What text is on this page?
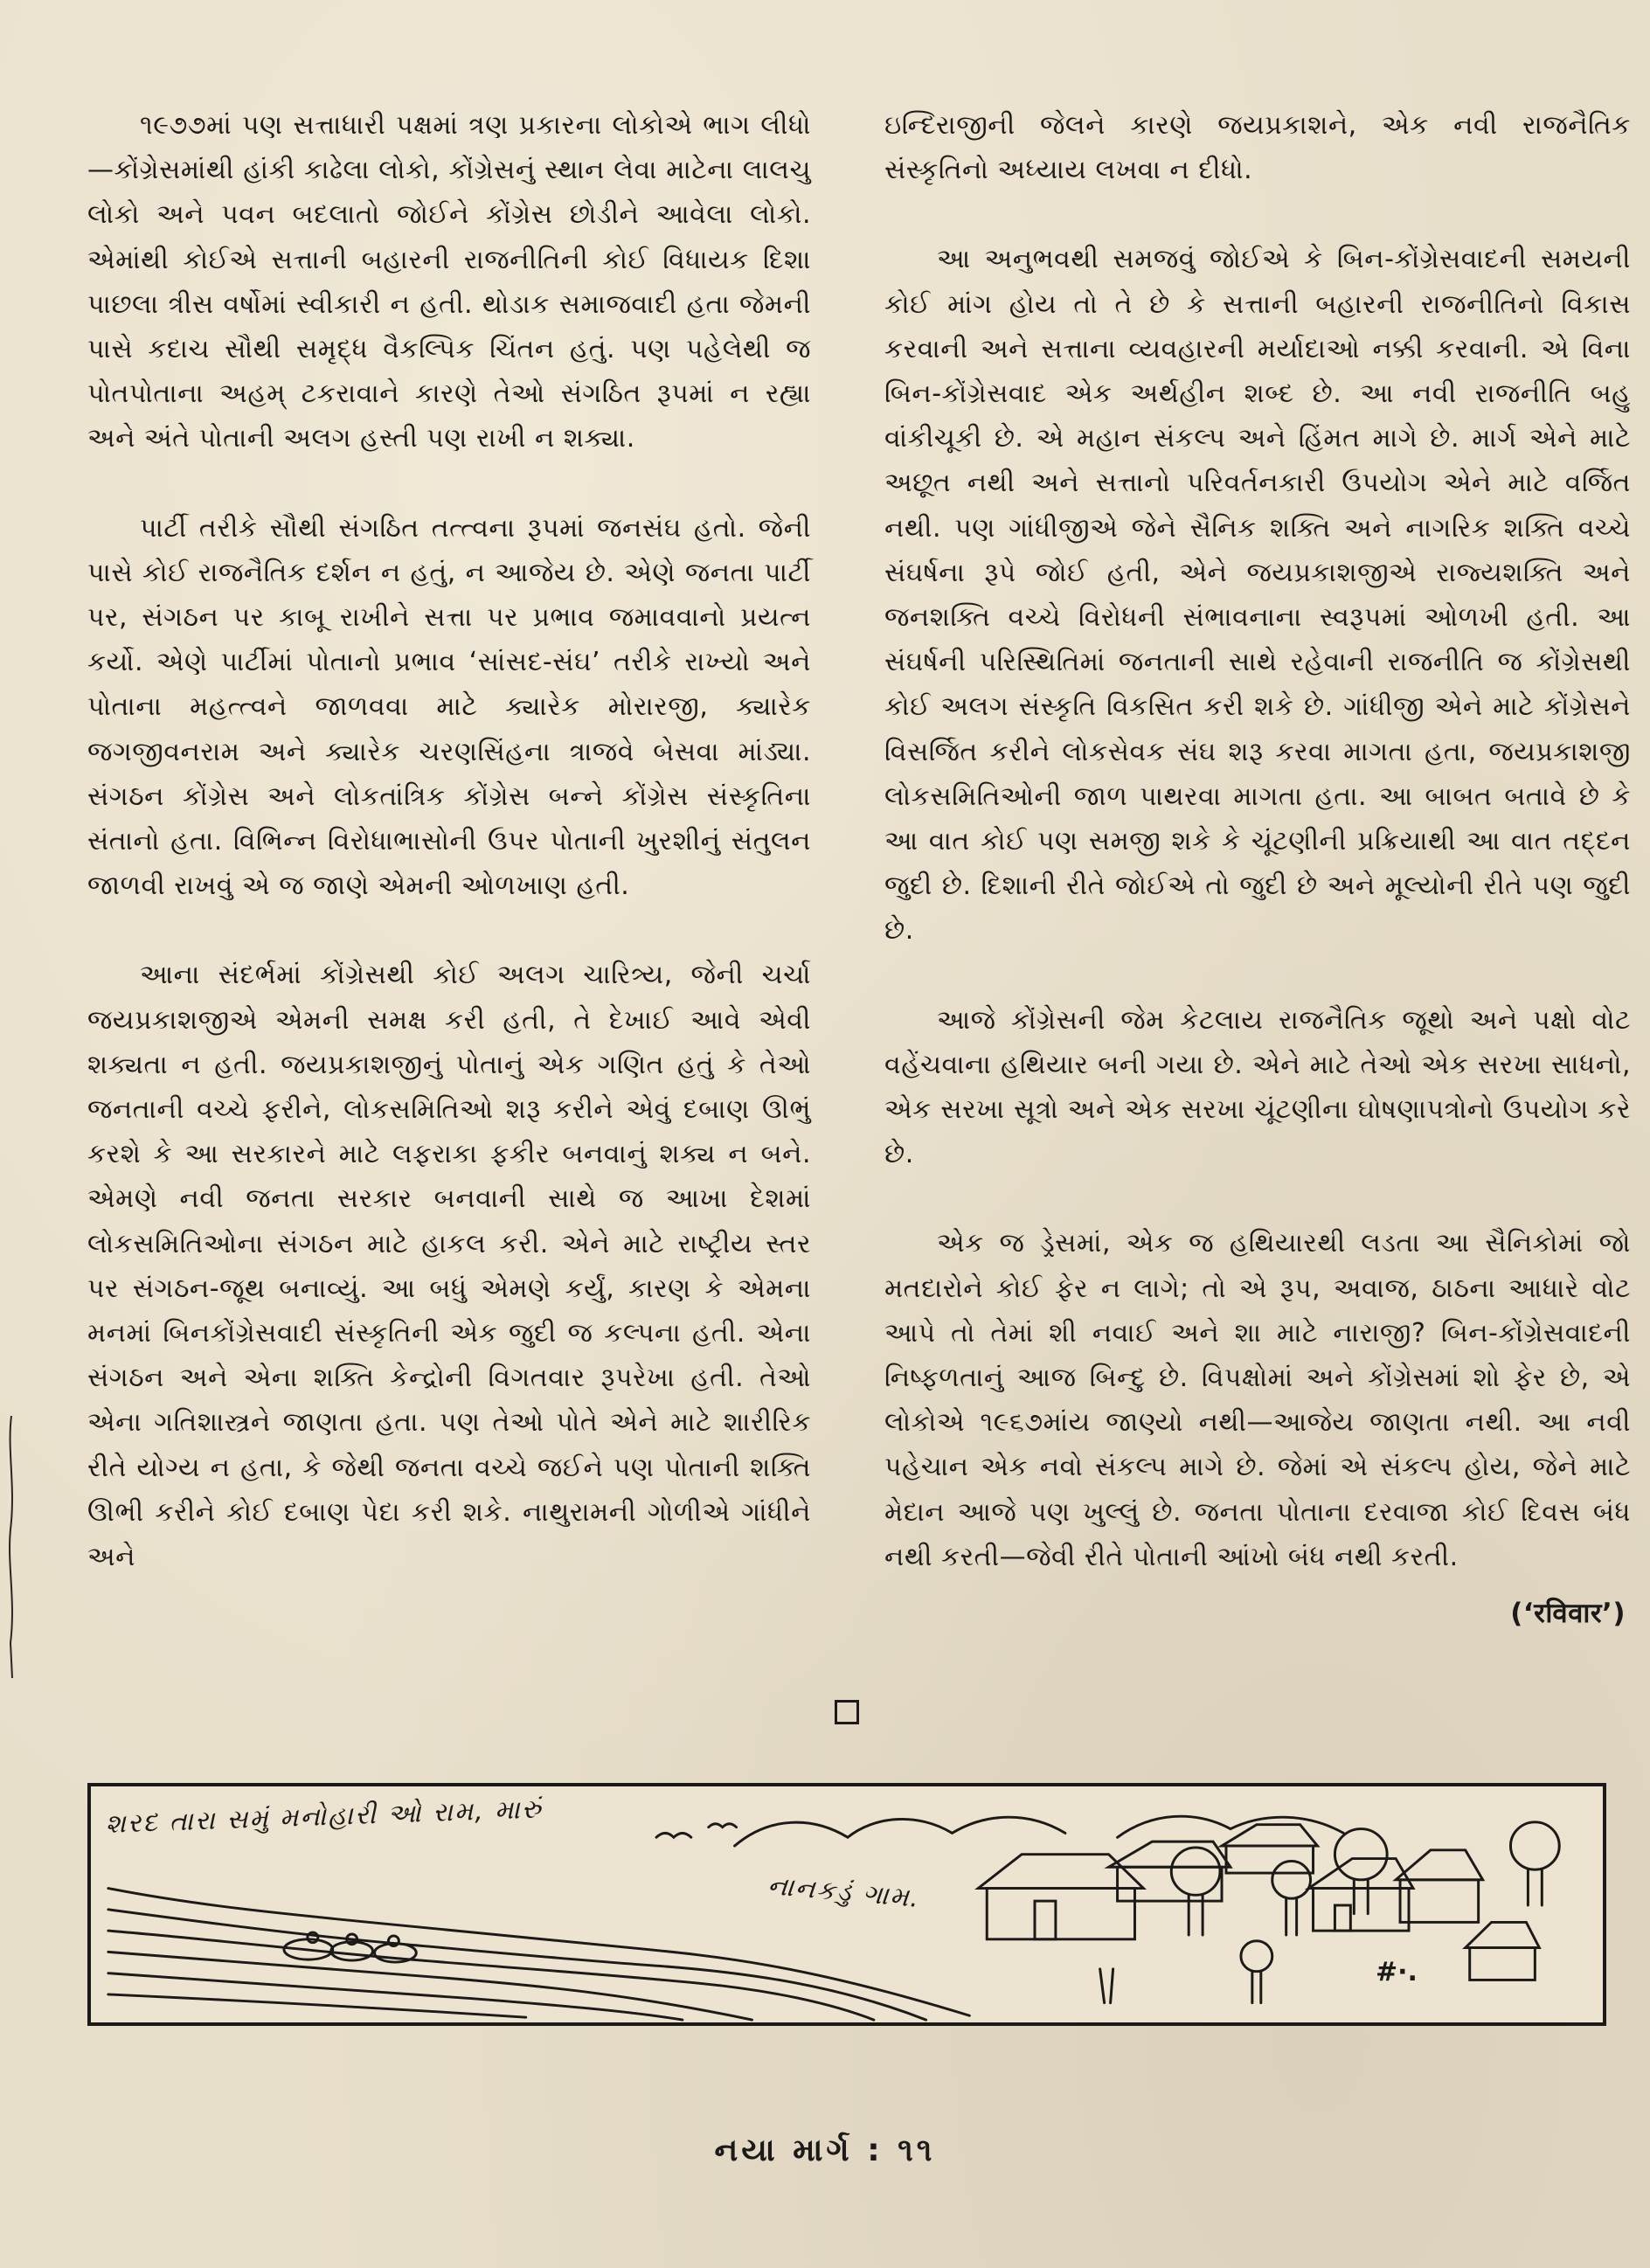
૧૯૭૭માં પણ સત્તાધારી પક્ષમાં ત્રણ પ્રકારના લોકોએ ભાગ લીધો—કોંગ્રેસમાંથી હાંકી કાઢેલા લોકો, કોંગ્રેસનું સ્થાન લેવા માટેના લાલચુ લોકો અને પવન બદલાતો જોઈને કોંગ્રેસ છોડીને આવેલા લોકો. એમાંથી કોઈએ સત્તાની બહારની રાજનીતિની કોઈ વિધાયક દિશા પાછલા ત્રીસ વર્ષોમાં સ્વીકારી ન હતી. થોડાક સમાજવાદી હતા જેમની પાસે કદાચ સૌથી સમૃદ્ધ વૈકલ્પિક ચિંતન હતું. પણ પહેલેથી જ પોતપોતાના અહમ્ ટકરાવાને કારણે તેઓ સંગઠિત રૂપમાં ન રહ્યા અને અંતે પોતાની અલગ હસ્તી પણ રાખી ન શક્યા.

પાર્ટી તરીકે સૌથી સંગઠિત તત્ત્વના રૂપમાં જનસંઘ હતો. જેની પાસે કોઈ રાજનૈતિક દર્શન ન હતું, ન આજેય છે. એણે જનતા પાર્ટી પર, સંગઠન પર કાબૂ રાખીને સત્તા પર પ્રભાવ જમાવવાનો પ્રયત્ન કર્યો. એણે પાર્ટીમાં પોતાનો પ્રભાવ ‘સાંસદ-સંઘ’ તરીકે રાખ્યો અને પોતાના મહત્ત્વને જાળવવા માટે ક્યારેક મોરારજી, ક્યારેક જગજીવનરામ અને ક્યારેક ચરણસિંહના ત્રાજવે બેસવા માંડ્યા. સંગઠન કોંગ્રેસ અને લોકતાંત્રિક કોંગ્રેસ બન્ને કોંગ્રેસ સંસ્કૃતિના સંતાનો હતા. વિભિન્ન વિરોધાભાસોની ઉપર પોતાની ખુરશીનું સંતુલન જાળવી રાખવું એ જ જાણે એમની ઓળખાણ હતી.

આના સંદર્ભમાં કોંગ્રેસથી કોઈ અલગ ચારિત્ર્ય, જેની ચર્ચા જયપ્રકાશજીએ એમની સમક્ષ કરી હતી, તે દેખાઈ આવે એવી શક્યતા ન હતી. જયપ્રકાશજીનું પોતાનું એક ગણિત હતું કે તેઓ જનતાની વચ્ચે ફરીને, લોકસમિતિઓ શરૂ કરીને એવું દબાણ ઊભું કરશે કે આ સરકારને માટે લફરાકા ફકીર બનવાનું શક્ય ન બને. એમણે નવી જનતા સરકાર બનવાની સાથે જ આખા દેશમાં લોકસમિતિઓના સંગઠન માટે હાકલ કરી. એને માટે રાષ્ટ્રીય સ્તર પર સંગઠન-જૂથ બનાવ્યું. આ બધું એમણે કર્યું, કારણ કે એમના મનમાં બિનકોંગ્રેસવાદી સંસ્કૃતિની એક જુદી જ કલ્પના હતી. એના સંગઠન અને એના શક્તિ કેન્દ્રોની વિગતવાર રૂપરેખા હતી. તેઓ એના ગતિશાસ્ત્રને જાણતા હતા. પણ તેઓ પોતે એને માટે શારીરિક રીતે યોગ્ય ન હતા, કે જેથી જનતા વચ્ચે જઈને પણ પોતાની શક્તિ ઊભી કરીને કોઈ દબાણ પેદા કરી શકે. નાથુરામની ગોળીએ ગાંધીને અને

ઇન્દિરાજીની જેલને કારણે જયપ્રકાશને, એક નવી રાજનૈતિક સંસ્કૃતિનો અધ્યાય લખવા ન દીધો.

આ અનુભવથી સમજવું જોઈએ કે બિન-કોંગ્રેસવાદની સમયની કોઈ માંગ હોય તો તે છે કે સત્તાની બહારની રાજનીતિનો વિકાસ કરવાની અને સત્તાના વ્યવહારની મર્યાદાઓ નક્કી કરવાની. એ વિના બિન-કોંગ્રેસવાદ એક અર્થહીન શબ્દ છે. આ નવી રાજનીતિ બહુ વાંકીચૂકી છે. એ મહાન સંકલ્પ અને હિંમત માગે છે. માર્ગ એને માટે અછૂત નથી અને સત્તાનો પરિવર્તનકારી ઉપયોગ એને માટે વર્જિત નથી. પણ ગાંધીજીએ જેને સૈનિક શક્તિ અને નાગરિક શક્તિ વચ્ચે સંઘર્ષના રૂપે જોઈ હતી, એને જયપ્રકાશજીએ રાજ્યશક્તિ અને જનશક્તિ વચ્ચે વિરોધની સંભાવનાના સ્વરૂપમાં ઓળખી હતી. આ સંઘર્ષની પરિસ્થિતિમાં જનતાની સાથે રહેવાની રાજનીતિ જ કોંગ્રેસથી કોઈ અલગ સંસ્કૃતિ વિકસિત કરી શકે છે. ગાંધીજી એને માટે કોંગ્રેસને વિસર્જિત કરીને લોકસેવક સંઘ શરૂ કરવા માગતા હતા, જયપ્રકાશજી લોકસમિતિઓની જાળ પાથરવા માગતા હતા. આ બાબત બતાવે છે કે આ વાત કોઈ પણ સમજી શકે કે ચૂંટણીની પ્રક્રિયાથી આ વાત તદ્દન જુદી છે. દિશાની રીતે જોઈએ તો જુદી છે અને મૂલ્યોની રીતે પણ જુદી છે.

આજે કોંગ્રેસની જેમ કેટલાય રાજનૈતિક જૂથો અને પક્ષો વોટ વહેંચવાના હથિયાર બની ગયા છે. એને માટે તેઓ એક સરખા સાધનો, એક સરખા સૂત્રો અને એક સરખા ચૂંટણીના ઘોષણાપત્રોનો ઉપયોગ કરે છે.

એક જ ડ્રેસમાં, એક જ હથિયારથી લડતા આ સૈનિકોમાં જો મતદારોને કોઈ ફેર ન લાગે; તો એ રૂપ, અવાજ, ઠાઠના આધારે વોટ આપે તો તેમાં શી નવાઈ અને શા માટે નારાજી? બિન-કોંગ્રેસવાદની નિષ્ફળતાનું આજ બિન્દુ છે. વિપક્ષોમાં અને કોંગ્રેસમાં શો ફેર છે, એ લોકોએ ૧૯૬૭માંય જાણ્યો નથી—આજેય જાણતા નથી. આ નવી પહેચાન એક નવો સંકલ્પ માગે છે. જેમાં એ સંકલ્પ હોય, જેને માટે મેદાન આજે પણ ખુલ્લું છે. જનતા પોતાના દરવાજા કોઈ દિવસ બંધ નથી કરતી—જેવી રીતે પોતાની આંખો બંધ નથી કરતી.

(‘रविवार’)
#·.
શરદ તારા સમું મનોહારી ઓ રામ, મારું
નાનકડું ગામ.
નયા માર્ગ : ૧૧
